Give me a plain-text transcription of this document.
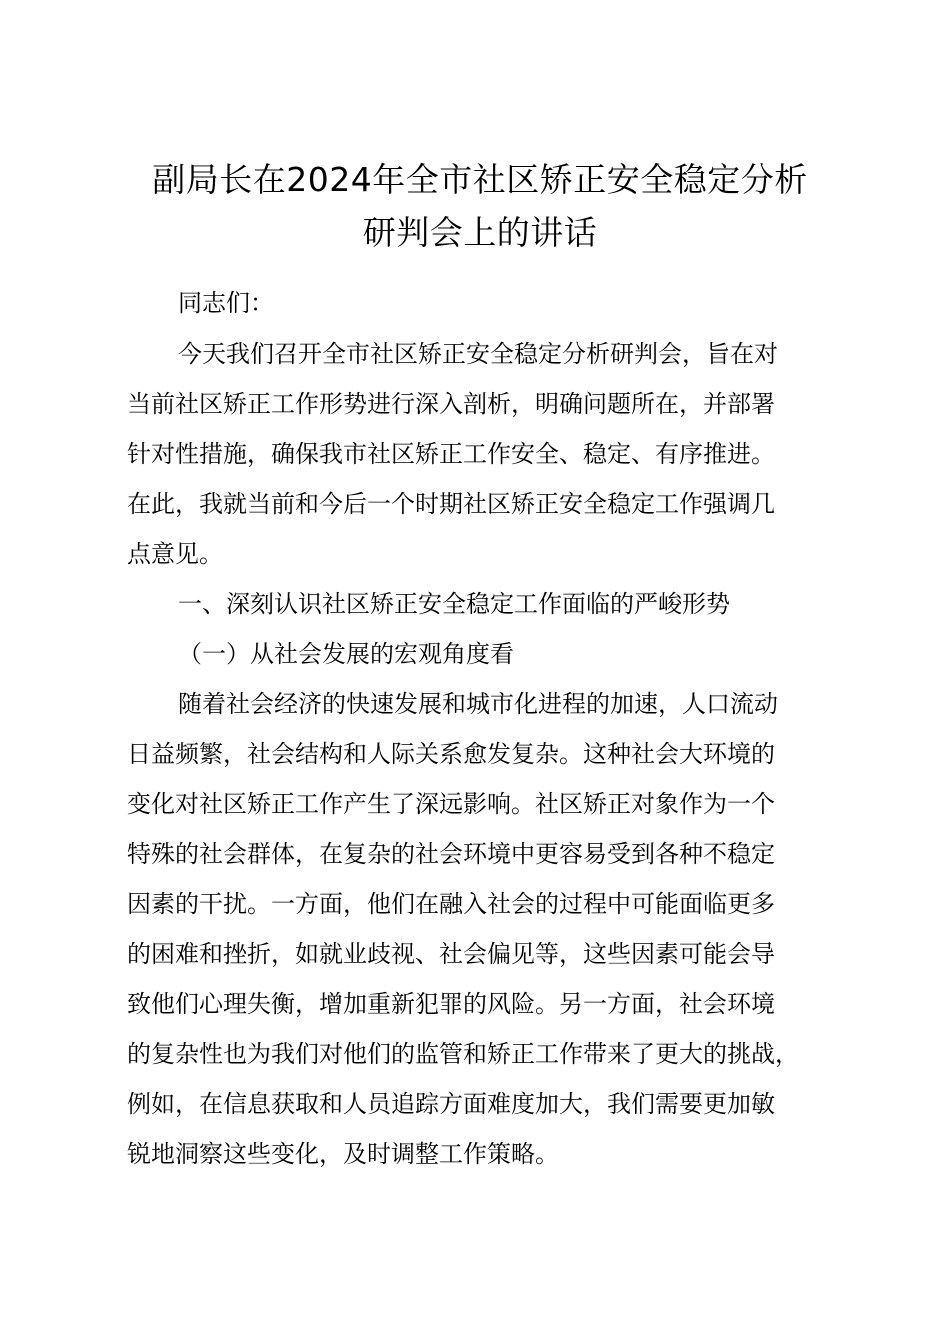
副局长在2024年全市社区矫正安全稳定分析
研判会上的讲话
同志们：
今天我们召开全市社区矫正安全稳定分析研判会，旨在对
当前社区矫正工作形势进行深入剖析，明确问题所在，并部署
针对性措施，确保我市社区矫正工作安全、稳定、有序推进。
在此，我就当前和今后一个时期社区矫正安全稳定工作强调几
点意见。
一、深刻认识社区矫正安全稳定工作面临的严峻形势
（一）从社会发展的宏观角度看
随着社会经济的快速发展和城市化进程的加速，人口流动
日益频繁，社会结构和人际关系愈发复杂。这种社会大环境的
变化对社区矫正工作产生了深远影响。社区矫正对象作为一个
特殊的社会群体，在复杂的社会环境中更容易受到各种不稳定
因素的干扰。一方面，他们在融入社会的过程中可能面临更多
的困难和挫折，如就业歧视、社会偏见等，这些因素可能会导
致他们心理失衡，增加重新犯罪的风险。另一方面，社会环境
的复杂性也为我们对他们的监管和矫正工作带来了更大的挑战，
例如，在信息获取和人员追踪方面难度加大，我们需要更加敏
锐地洞察这些变化，及时调整工作策略。
